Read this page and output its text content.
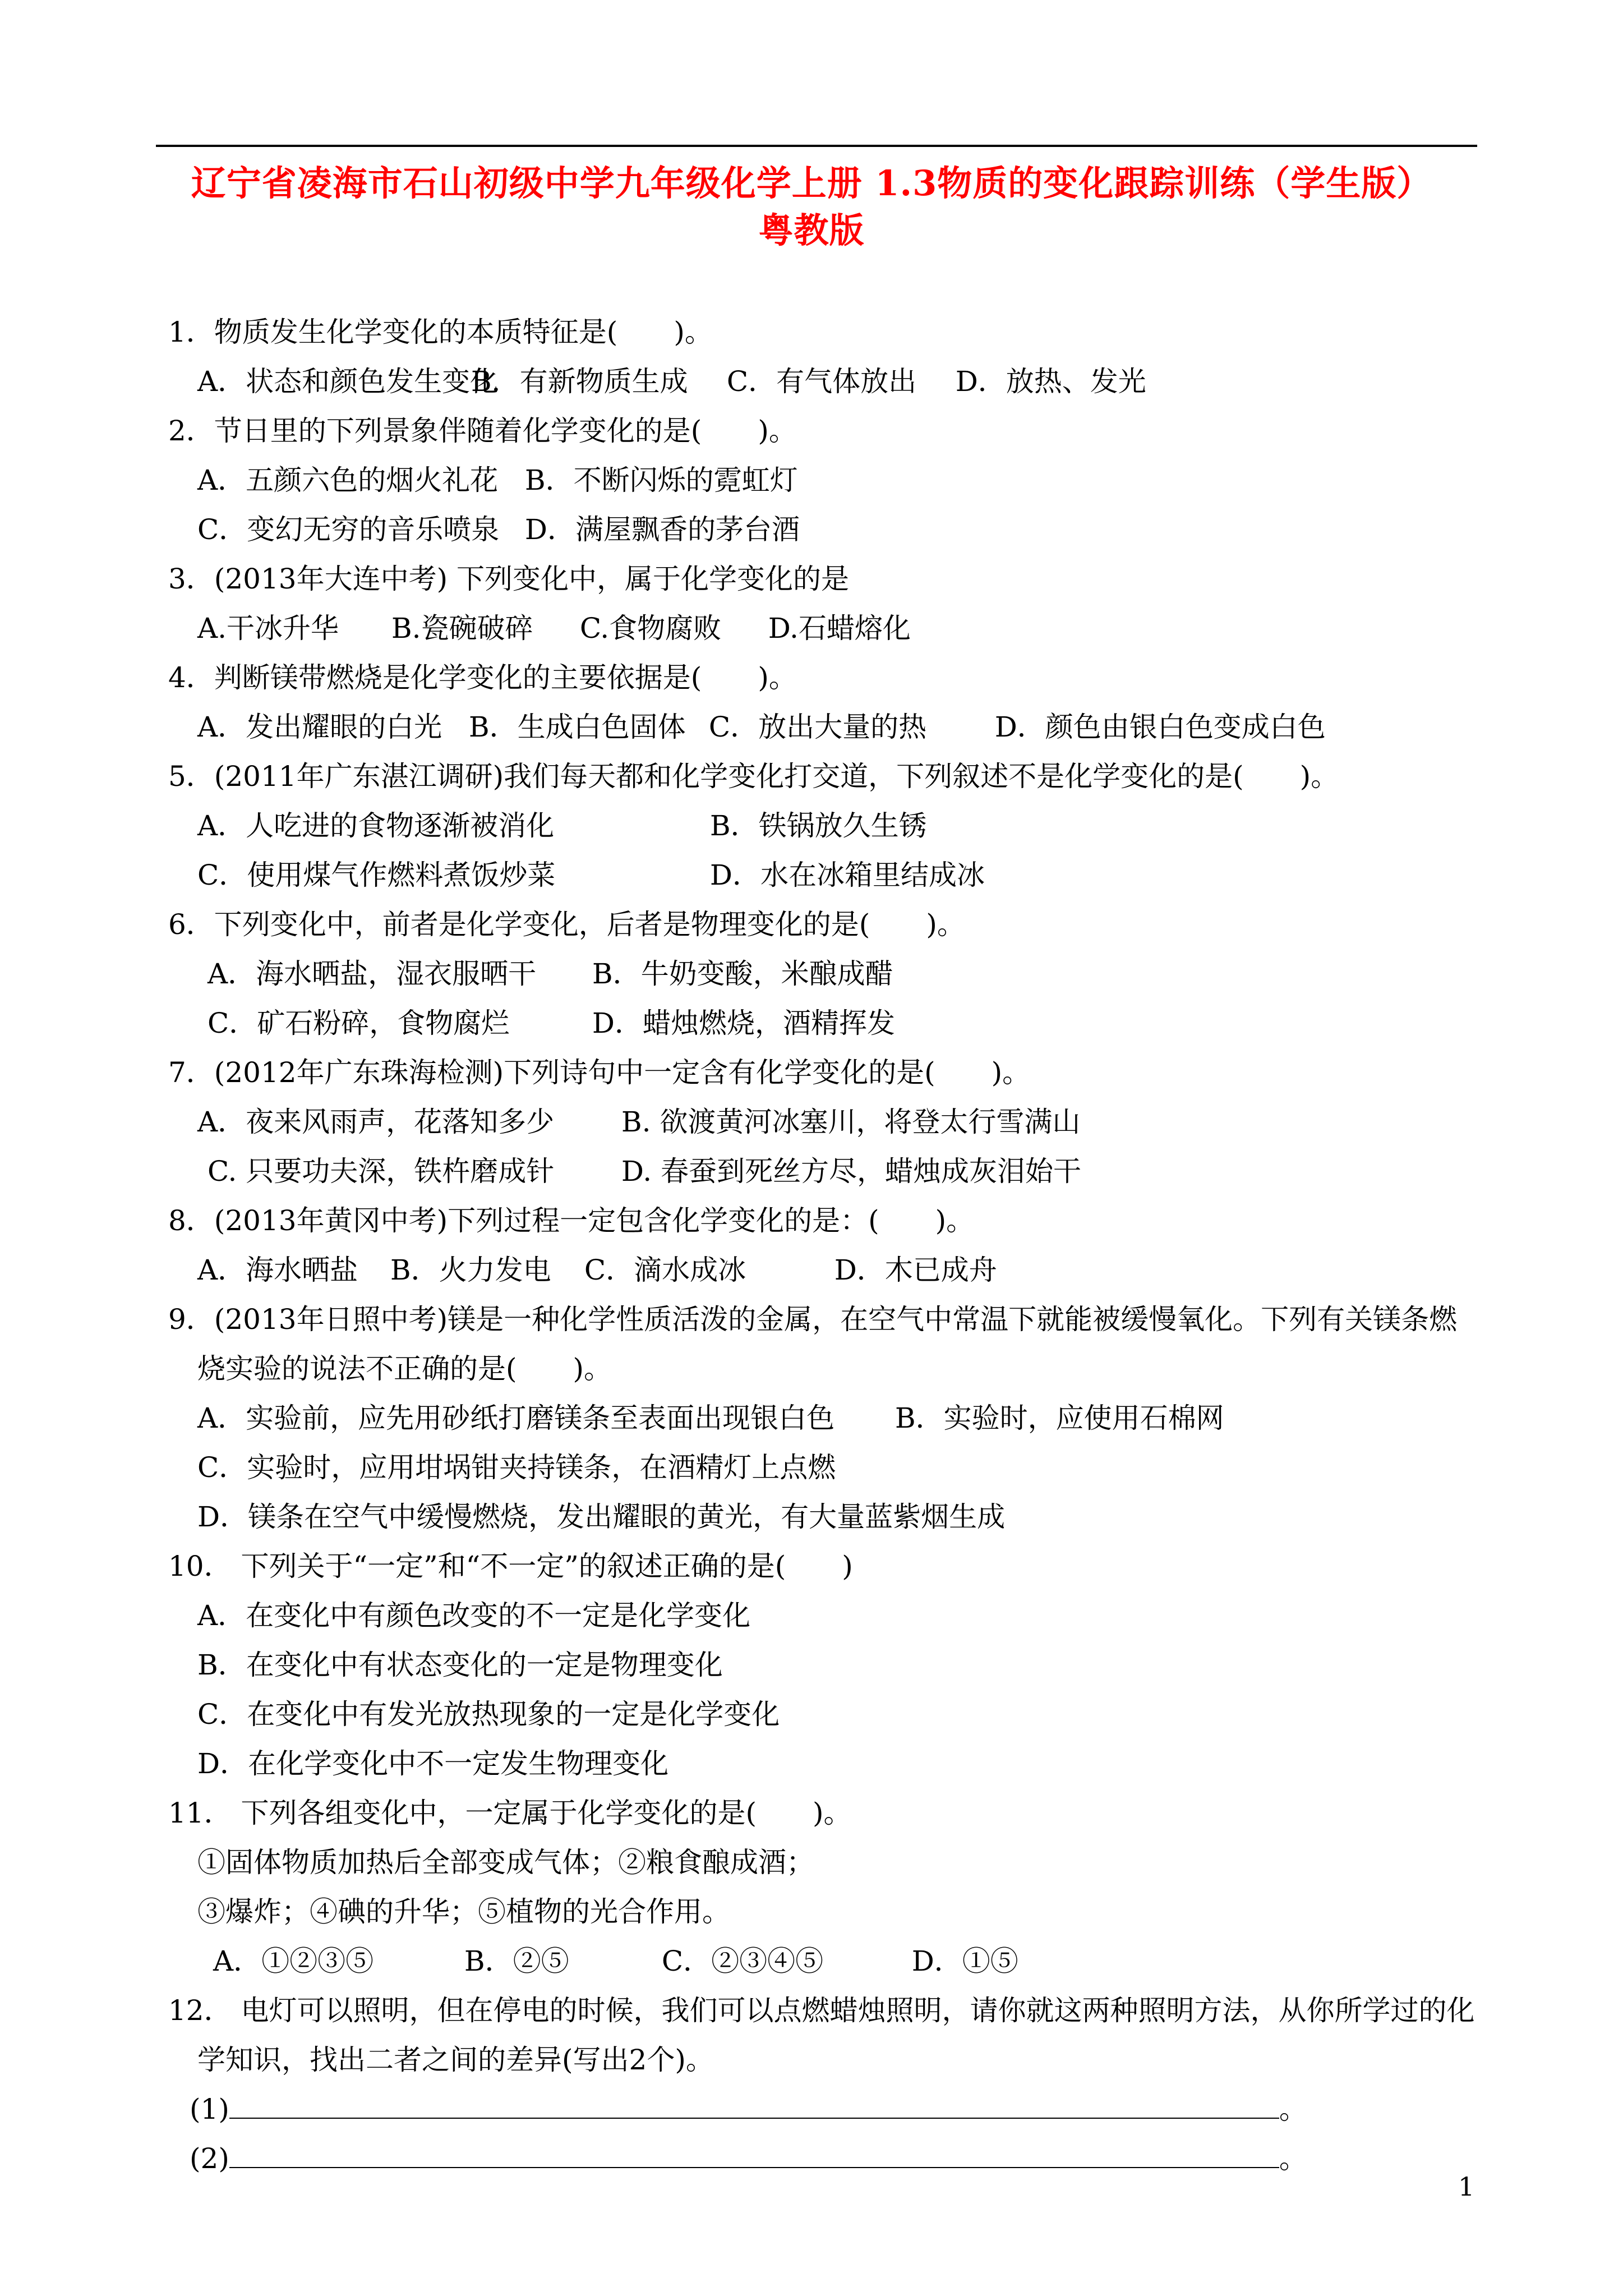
辽宁省凌海市石山初级中学九年级化学上册 1.3物质的变化跟踪训练（学生版）
粤教版
1．物质发生化学变化的本质特征是(　　)。
A．状态和颜色发生变化 B．有新物质生成 C．有气体放出 D．放热、发光
2．节日里的下列景象伴随着化学变化的是(　　)。
A．五颜六色的烟火礼花 B．不断闪烁的霓虹灯
C．变幻无穷的音乐喷泉 D．满屋飘香的茅台酒
3．(2013年大连中考) 下列变化中，属于化学变化的是
A.干冰升华 B.瓷碗破碎 C.食物腐败 D.石蜡熔化
4．判断镁带燃烧是化学变化的主要依据是(　　)。
A．发出耀眼的白光 B．生成白色固体 C．放出大量的热 D．颜色由银白色变成白色
5．(2011年广东湛江调研)我们每天都和化学变化打交道，下列叙述不是化学变化的是(　　)。
A．人吃进的食物逐渐被消化	B．铁锅放久生锈
C．使用煤气作燃料煮饭炒菜	D．水在冰箱里结成冰
6．下列变化中，前者是化学变化，后者是物理变化的是(　　)。
A．海水晒盐，湿衣服晒干 B．牛奶变酸，米酿成醋
C．矿石粉碎，食物腐烂	D．蜡烛燃烧，酒精挥发
7．(2012年广东珠海检测)下列诗句中一定含有化学变化的是(　　)。
A．夜来风雨声，花落知多少 B. 欲渡黄河冰塞川，将登太行雪满山
C. 只要功夫深，铁杵磨成针 D. 春蚕到死丝方尽，蜡烛成灰泪始干
8．(2013年黄冈中考)下列过程一定包含化学变化的是：(　　)。
A．海水晒盐 B．火力发电 C．滴水成冰	D．木已成舟
9．(2013年日照中考)镁是一种化学性质活泼的金属，在空气中常温下就能被缓慢氧化。下列有关镁条燃
烧实验的说法不正确的是(　　)。
A．实验前，应先用砂纸打磨镁条至表面出现银白色 B．实验时，应使用石棉网
C．实验时，应用坩埚钳夹持镁条，在酒精灯上点燃
D．镁条在空气中缓慢燃烧，发出耀眼的黄光，有大量蓝紫烟生成
10． 下列关于“一定”和“不一定”的叙述正确的是(　　)
A．在变化中有颜色改变的不一定是化学变化
B．在变化中有状态变化的一定是物理变化
C．在变化中有发光放热现象的一定是化学变化
D．在化学变化中不一定发生物理变化
11． 下列各组变化中，一定属于化学变化的是(　　)。
①固体物质加热后全部变成气体；②粮食酿成酒；
③爆炸；④碘的升华；⑤植物的光合作用。
A．①②③⑤	B．②⑤	C．②③④⑤	D．①⑤
12． 电灯可以照明，但在停电的时候，我们可以点燃蜡烛照明，请你就这两种照明方法，从你所学过的化
学知识，找出二者之间的差异(写出2个)。
(1)	。
(2)	。
1
